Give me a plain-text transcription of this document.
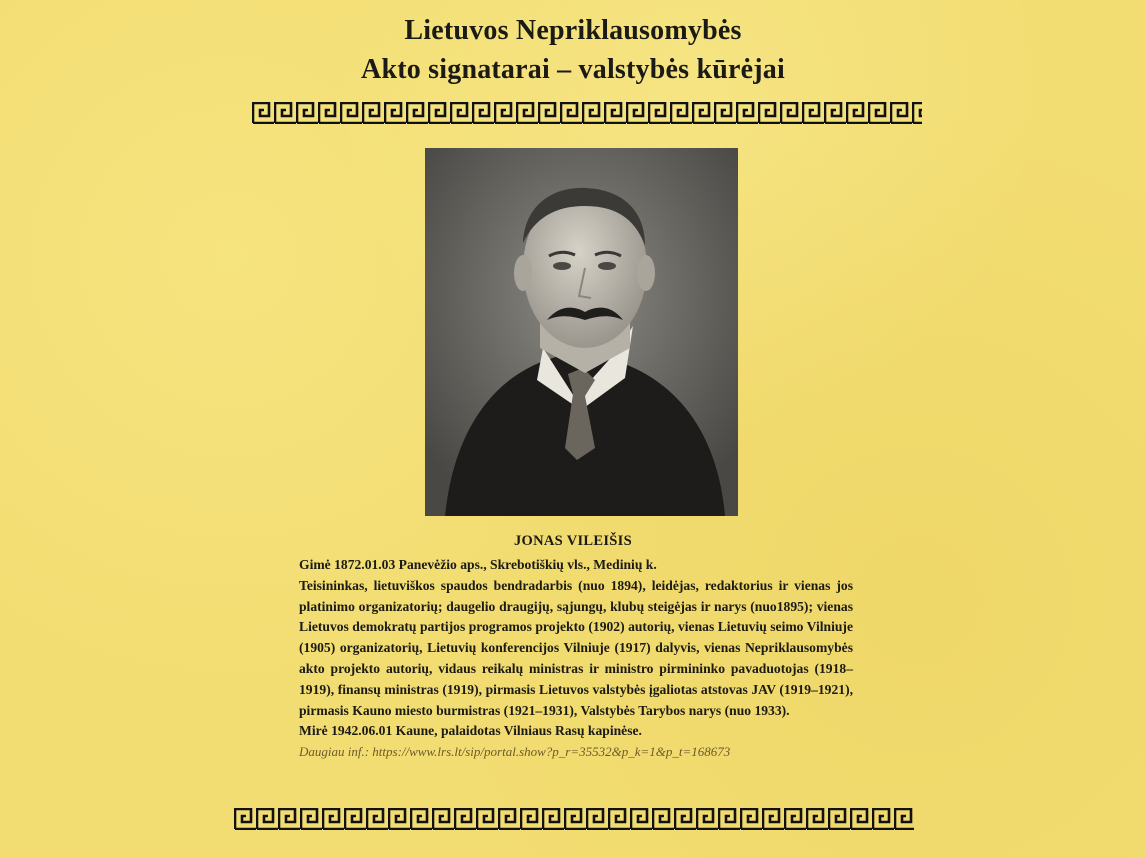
Lietuvos Nepriklausomybės
Akto signatarai – valstybės kūrėjai
JONAS VILEIŠIS

Gimė 1872.01.03 Panevėžio aps., Skrebotiškių vls., Medinių k.

Teisininkas, lietuviškos spaudos bendradarbis (nuo 1894), leidėjas, redaktorius ir vienas jos platinimo organizatorių; daugelio draugijų, sąjungų, klubų steigėjas ir narys (nuo1895); vienas Lietuvos demokratų partijos programos projekto (1902) autorių, vienas Lietuvių seimo Vilniuje (1905) organizatorių, Lietuvių konferencijos Vilniuje (1917) dalyvis, vienas Nepriklausomybės akto projekto autorių, vidaus reikalų ministras ir ministro pirmininko pavaduotojas (1918–1919), finansų ministras (1919), pirmasis Lietuvos valstybės įgaliotas atstovas JAV (1919–1921), pirmasis Kauno miesto burmistras (1921–1931), Valstybės Tarybos narys (nuo 1933).

Mirė 1942.06.01 Kaune, palaidotas Vilniaus Rasų kapinėse.

Daugiau inf.: https://www.lrs.lt/sip/portal.show?p_r=35532&p_k=1&p_t=168673
